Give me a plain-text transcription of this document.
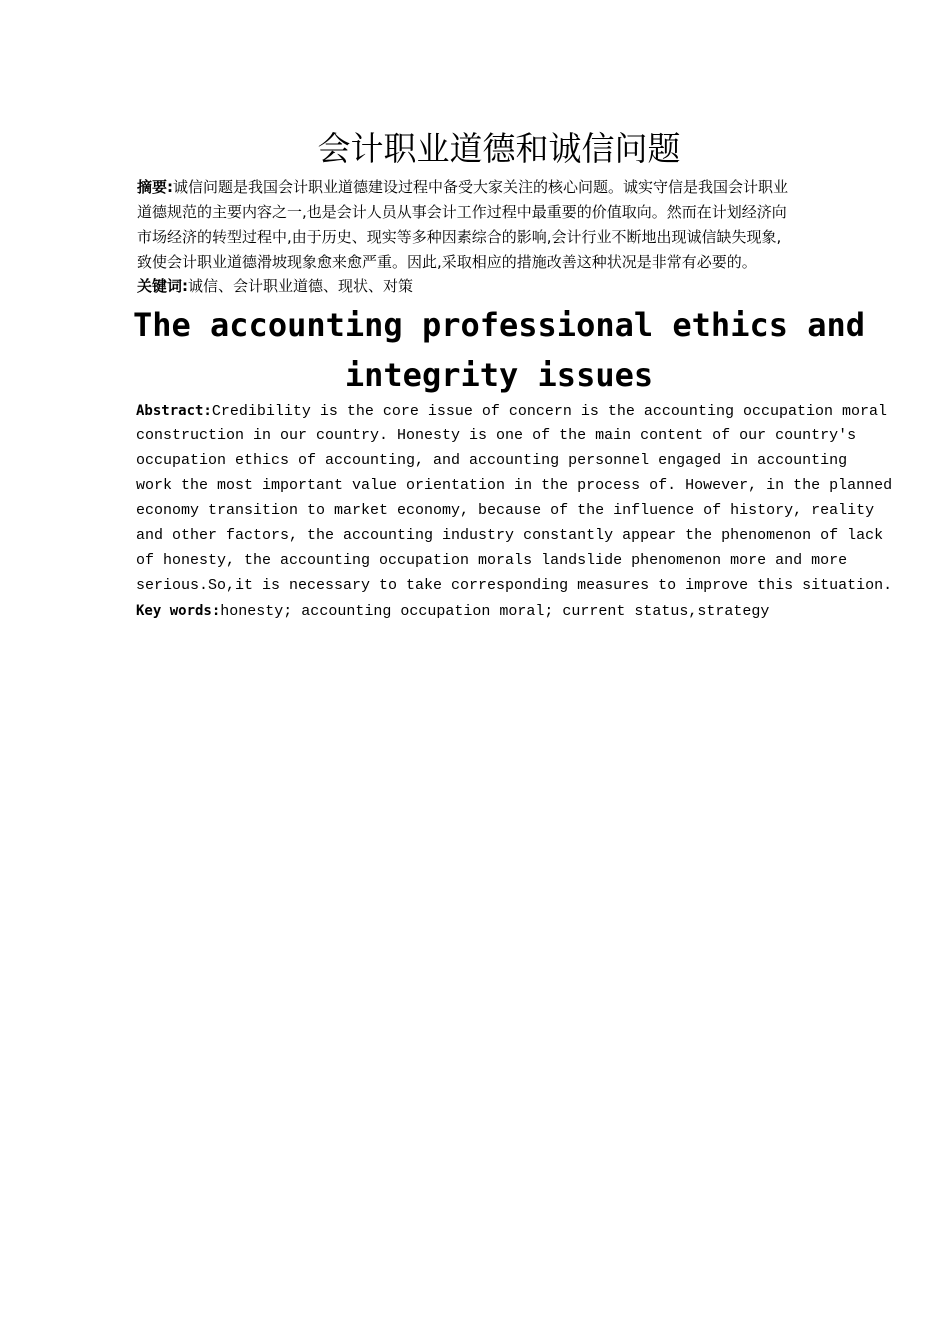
会计职业道德和诚信问题
摘要:诚信问题是我国会计职业道德建设过程中备受大家关注的核心问题。诚实守信是我国会计职业
道德规范的主要内容之一,也是会计人员从事会计工作过程中最重要的价值取向。然而在计划经济向
市场经济的转型过程中,由于历史、现实等多种因素综合的影响,会计行业不断地出现诚信缺失现象,
致使会计职业道德滑坡现象愈来愈严重。因此,采取相应的措施改善这种状况是非常有必要的。
关键词:诚信、会计职业道德、现状、对策
The accounting professional ethics and
integrity issues
Abstract:Credibility is the core issue of concern is the accounting occupation moral
construction in our country. Honesty is one of the main content of our country's
occupation ethics of accounting, and accounting personnel engaged in accounting
work the most important value orientation in the process of. However, in the planned
economy transition to market economy, because of the influence of history, reality
and other factors, the accounting industry constantly appear the phenomenon of lack
of honesty, the accounting occupation morals landslide phenomenon more and more
serious.So,it is necessary to take corresponding measures to improve this situation.
Key words:honesty; accounting occupation moral; current status,strategy
